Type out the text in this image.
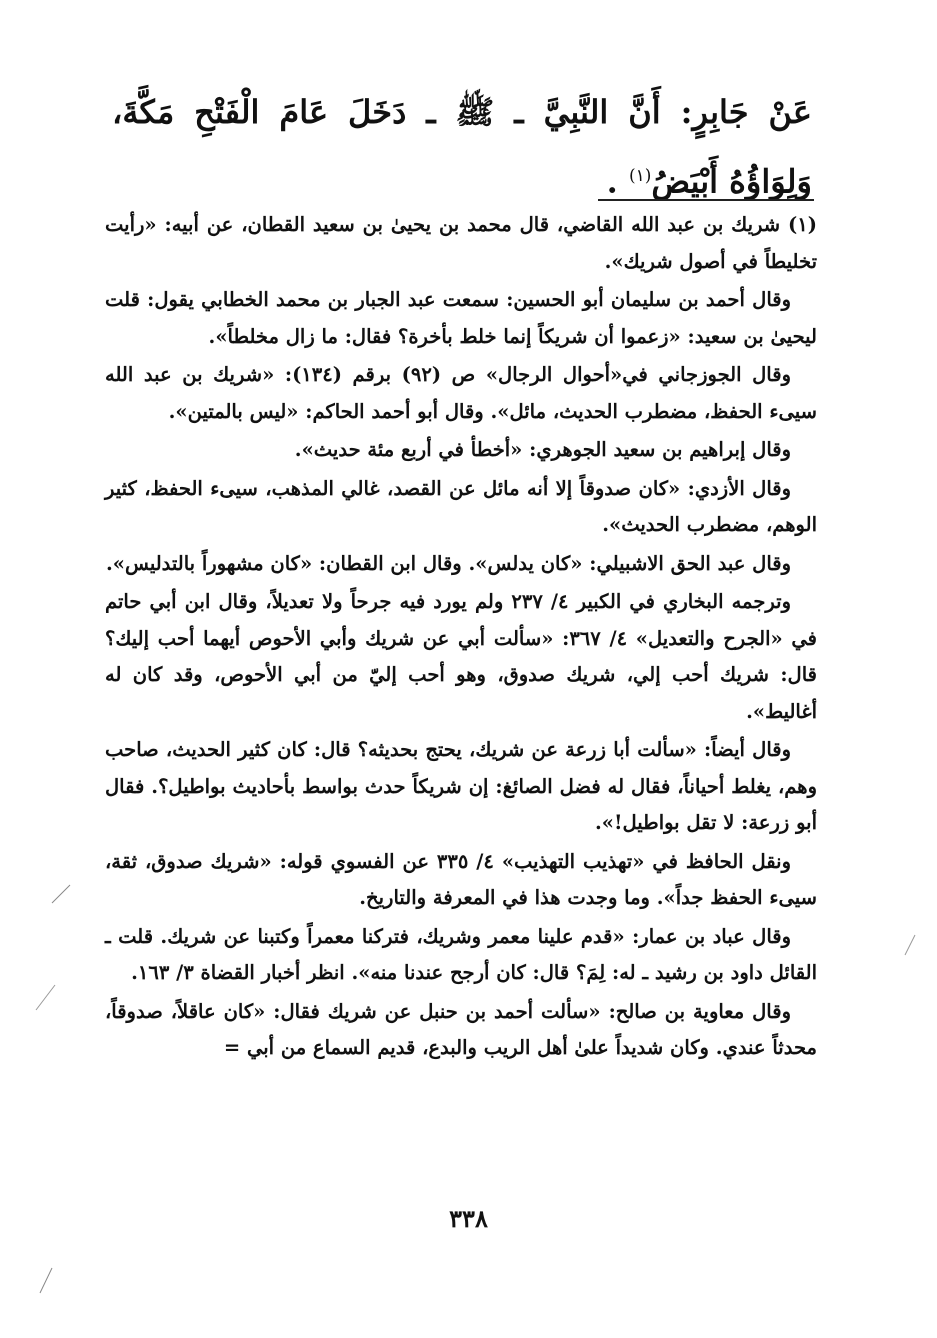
عَنْ جَابِرٍ: أَنَّ النَّبِيَّ ـ ﷺ ـ دَخَلَ عَامَ الْفَتْحِ مَكَّةَ، وَلِوَاؤُهُ أَبْيَضُ$^{(١)}$ .

(١) شريك بن عبد الله القاضي، قال محمد بن يحيىٰ بن سعيد القطان، عن أبيه: «رأيت تخليطاً في أصول شريك».

وقال أحمد بن سليمان أبو الحسين: سمعت عبد الجبار بن محمد الخطابي يقول: قلت ليحيىٰ بن سعيد: «زعموا أن شريكاً إنما خلط بأخرة؟ فقال: ما زال مخلطاً».

وقال الجوزجاني في«أحوال الرجال» ص (٩٢) برقم (١٣٤): «شريك بن عبد الله سيىء الحفظ، مضطرب الحديث، مائل». وقال أبو أحمد الحاكم: «ليس بالمتين».

وقال إبراهيم بن سعيد الجوهري: «أخطأ في أربع مئة حديث».

وقال الأزدي: «كان صدوقاً إلا أنه مائل عن القصد، غالي المذهب، سيىء الحفظ، كثير الوهم، مضطرب الحديث».

وقال عبد الحق الاشبيلي: «كان يدلس». وقال ابن القطان: «كان مشهوراً بالتدليس».

وترجمه البخاري في الكبير ٤/ ٢٣٧ ولم يورد فيه جرحاً ولا تعديلاً، وقال ابن أبي حاتم في «الجرح والتعديل» ٤/ ٣٦٧: «سألت أبي عن شريك وأبي الأحوص أيهما أحب إليك؟ قال: شريك أحب إلي، شريك صدوق، وهو أحب إليّ من أبي الأحوص، وقد كان له أغاليط».

وقال أيضاً: «سألت أبا زرعة عن شريك، يحتج بحديثه؟ قال: كان كثير الحديث، صاحب وهم، يغلط أحياناً، فقال له فضل الصائغ: إن شريكاً حدث بواسط بأحاديث بواطيل؟. فقال أبو زرعة: لا تقل بواطيل!».

ونقل الحافظ في «تهذيب التهذيب» ٤/ ٣٣٥ عن الفسوي قوله: «شريك صدوق، ثقة، سيىء الحفظ جداً». وما وجدت هذا في المعرفة والتاريخ.

وقال عباد بن عمار: «قدم علينا معمر وشريك، فتركنا معمراً وكتبنا عن شريك. قلت ـ القائل داود بن رشيد ـ له: لِمَ؟ قال: كان أرجح عندنا منه». انظر أخبار القضاة ٣/ ١٦٣.

وقال معاوية بن صالح: «سألت أحمد بن حنبل عن شريك فقال: «كان عاقلاً، صدوقاً، محدثاً عندي. وكان شديداً علىٰ أهل الريب والبدع، قديم السماع من أبي =

٣٣٨
